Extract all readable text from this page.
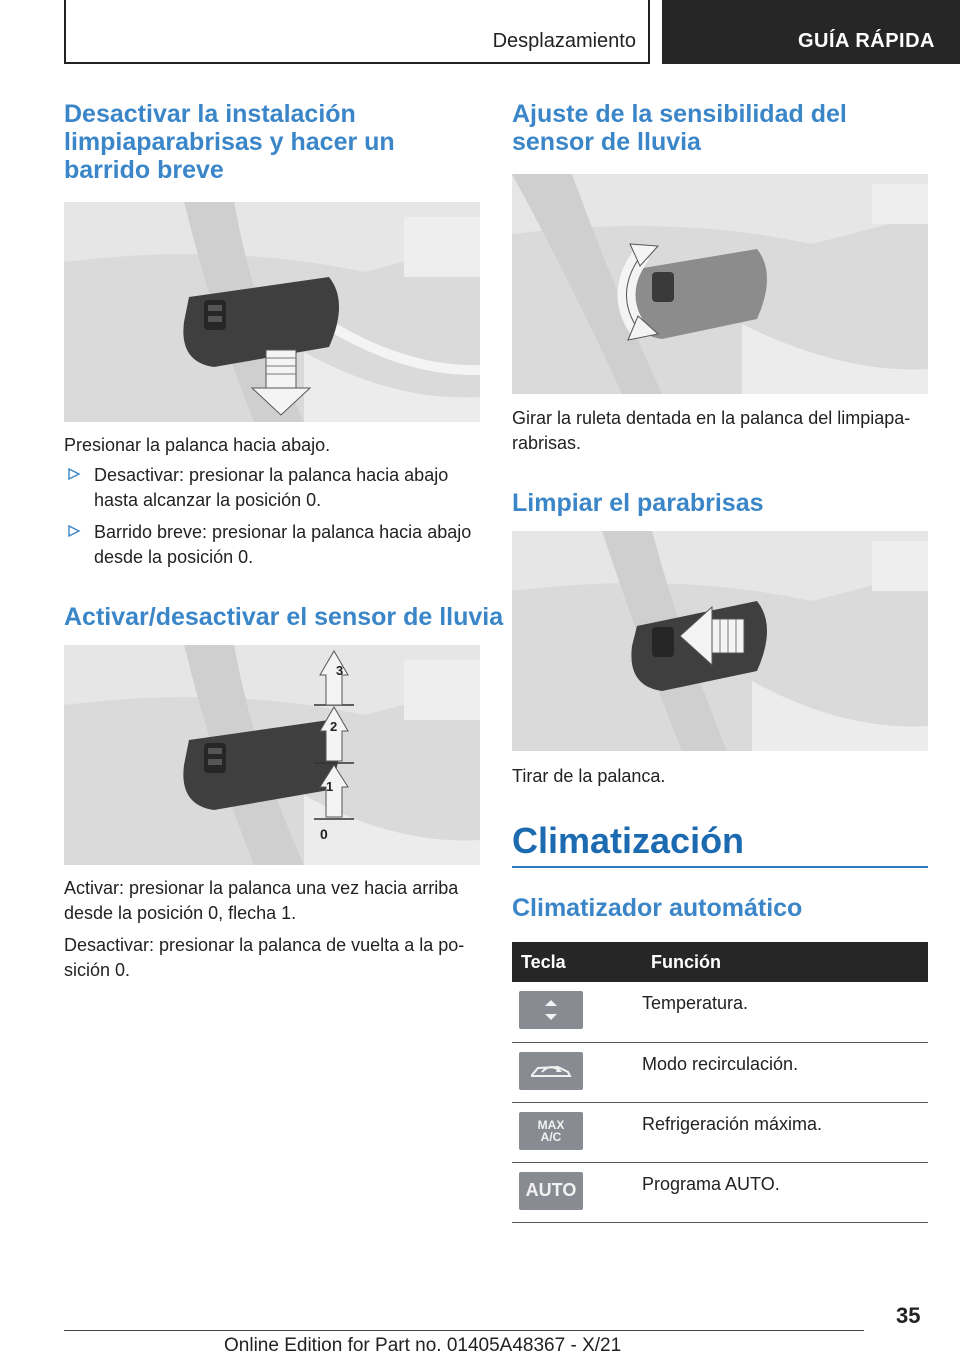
Desplazamiento	GUÍA RÁPIDA
Desactivar la instalación limpiaparabrisas y hacer un barrido breve

Presionar la palanca hacia abajo.

Desactivar: presionar la palanca hacia abajo hasta alcanzar la posición 0.
Barrido breve: presionar la palanca hacia abajo desde la posición 0.
Activar/desactivar el sensor de lluvia
3
2
1
0

Activar: presionar la palanca una vez hacia arriba desde la posición 0, flecha 1.

Desactivar: presionar la palanca de vuelta a la po- sición 0.

Ajuste de la sensibilidad del sensor de lluvia

Girar la ruleta dentada en la palanca del limpiapa- rabrisas.

Limpiar el parabrisas

Tirar de la palanca.

Climatización
Climatizador automático
Tecla	Función

	Temperatura.

	Modo recirculación.

MAX A/C	Refrigeración máxima.

AUTO	Programa AUTO.
35
Online Edition for Part no. 01405A48367 - X/21
